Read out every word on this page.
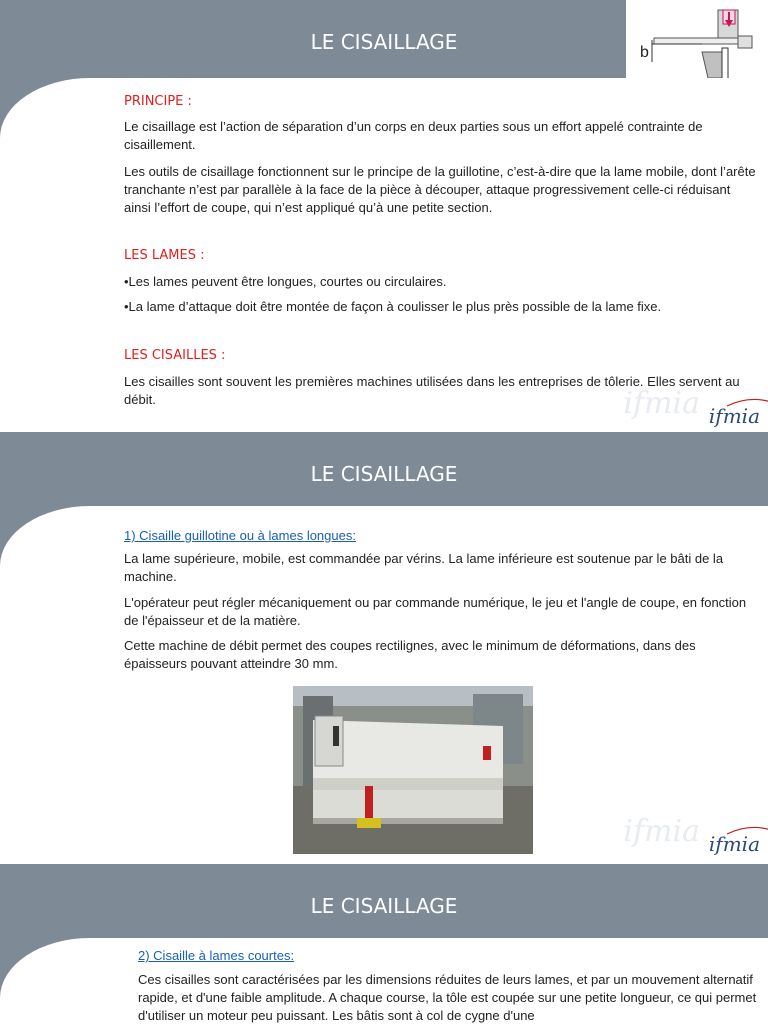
LE CISAILLAGE	b
PRINCIPE :
Le cisaillage est l’action de séparation d’un corps en deux parties sous un effort appelé contrainte de cisaillement.
Les outils de cisaillage fonctionnent sur le principe de la guillotine, c’est-à-dire que la lame mobile, dont l’arête tranchante n’est par parallèle à la face de la pièce à découper, attaque progressivement celle-ci réduisant ainsi l’effort de coupe, qui n’est appliqué qu’à une petite section.
LES LAMES :
•Les lames peuvent être longues, courtes ou circulaires.
•La lame d’attaque doit être montée de façon à coulisser le plus près possible de la lame fixe.
LES CISAILLES :
Les cisailles sont souvent les premières machines utilisées dans les entreprises de tôlerie. Elles servent au débit.	ifmia ifmia
LE CISAILLAGE
1) Cisaille guillotine ou à lames longues:
La lame supérieure, mobile, est commandée par vérins. La lame inférieure est soutenue par le bâti de la machine.
L'opérateur peut régler mécaniquement ou par commande numérique, le jeu et l'angle de coupe, en fonction de l'épaisseur et de la matière.
Cette machine de débit permet des coupes rectilignes, avec le minimum de déformations, dans des épaisseurs pouvant atteindre 30 mm.
ifmia ifmia
LE CISAILLAGE
2) Cisaille à lames courtes:
Ces cisailles sont caractérisées par les dimensions réduites de leurs lames, et par un mouvement alternatif rapide, et d'une faible amplitude. A chaque course, la tôle est coupée sur une petite longueur, ce qui permet d'utiliser un moteur peu puissant. Les bâtis sont à col de cygne d'une
